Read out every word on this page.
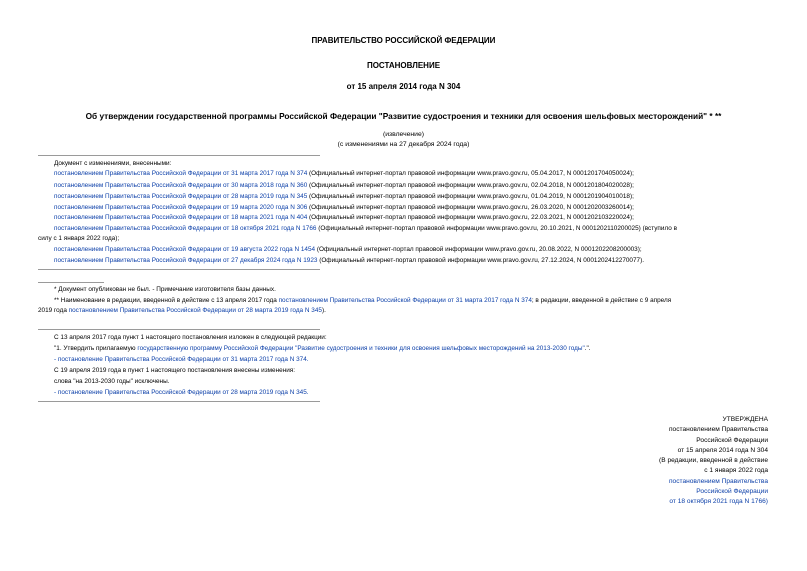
ПРАВИТЕЛЬСТВО РОССИЙСКОЙ ФЕДЕРАЦИИ
ПОСТАНОВЛЕНИЕ
от 15 апреля 2014 года N 304
Об утверждении государственной программы Российской Федерации "Развитие судостроения и техники для освоения шельфовых месторождений" * **
(извлечение)
(с изменениями на 27 декабря 2024 года)
Документ с изменениями, внесенными:
постановлением Правительства Российской Федерации от 31 марта 2017 года N 374 (Официальный интернет-портал правовой информации www.pravo.gov.ru, 05.04.2017, N 0001201704050024);
постановлением Правительства Российской Федерации от 30 марта 2018 года N 360 (Официальный интернет-портал правовой информации www.pravo.gov.ru, 02.04.2018, N 0001201804020028);
постановлением Правительства Российской Федерации от 28 марта 2019 года N 345 (Официальный интернет-портал правовой информации www.pravo.gov.ru, 01.04.2019, N 0001201904010018);
постановлением Правительства Российской Федерации от 19 марта 2020 года N 306 (Официальный интернет-портал правовой информации www.pravo.gov.ru, 26.03.2020, N 0001202003260014);
постановлением Правительства Российской Федерации от 18 марта 2021 года N 404 (Официальный интернет-портал правовой информации www.pravo.gov.ru, 22.03.2021, N 0001202103220024);
постановлением Правительства Российской Федерации от 18 октября 2021 года N 1766 (Официальный интернет-портал правовой информации www.pravo.gov.ru, 20.10.2021, N 0001202110200025) (вступило в
силу с 1 января 2022 года);
постановлением Правительства Российской Федерации от 19 августа 2022 года N 1454 (Официальный интернет-портал правовой информации www.pravo.gov.ru, 20.08.2022, N 0001202208200003);
постановлением Правительства Российской Федерации от 27 декабря 2024 года N 1923 (Официальный интернет-портал правовой информации www.pravo.gov.ru, 27.12.2024, N 0001202412270077).
* Документ опубликован не был. - Примечание изготовителя базы данных.
** Наименование в редакции, введенной в действие с 13 апреля 2017 года постановлением Правительства Российской Федерации от 31 марта 2017 года N 374; в редакции, введенной в действие с 9 апреля
2019 года постановлением Правительства Российской Федерации от 28 марта 2019 года N 345).
С 13 апреля 2017 года пункт 1 настоящего постановления изложен в следующей редакции:
"1. Утвердить прилагаемую государственную программу Российской Федерации "Развитие судостроения и техники для освоения шельфовых месторождений на 2013-2030 годы".".
- постановление Правительства Российской Федерации от 31 марта 2017 года N 374.
С 19 апреля 2019 года в пункт 1 настоящего постановления внесены изменения:
слова "на 2013-2030 годы" исключены.
- постановление Правительства Российской Федерации от 28 марта 2019 года N 345.
УТВЕРЖДЕНА
постановлением Правительства
Российской Федерации
от 15 апреля 2014 года N 304
(В редакции, введенной в действие
с 1 января 2022 года
постановлением Правительства
Российской Федерации
от 18 октября 2021 года N 1766)
